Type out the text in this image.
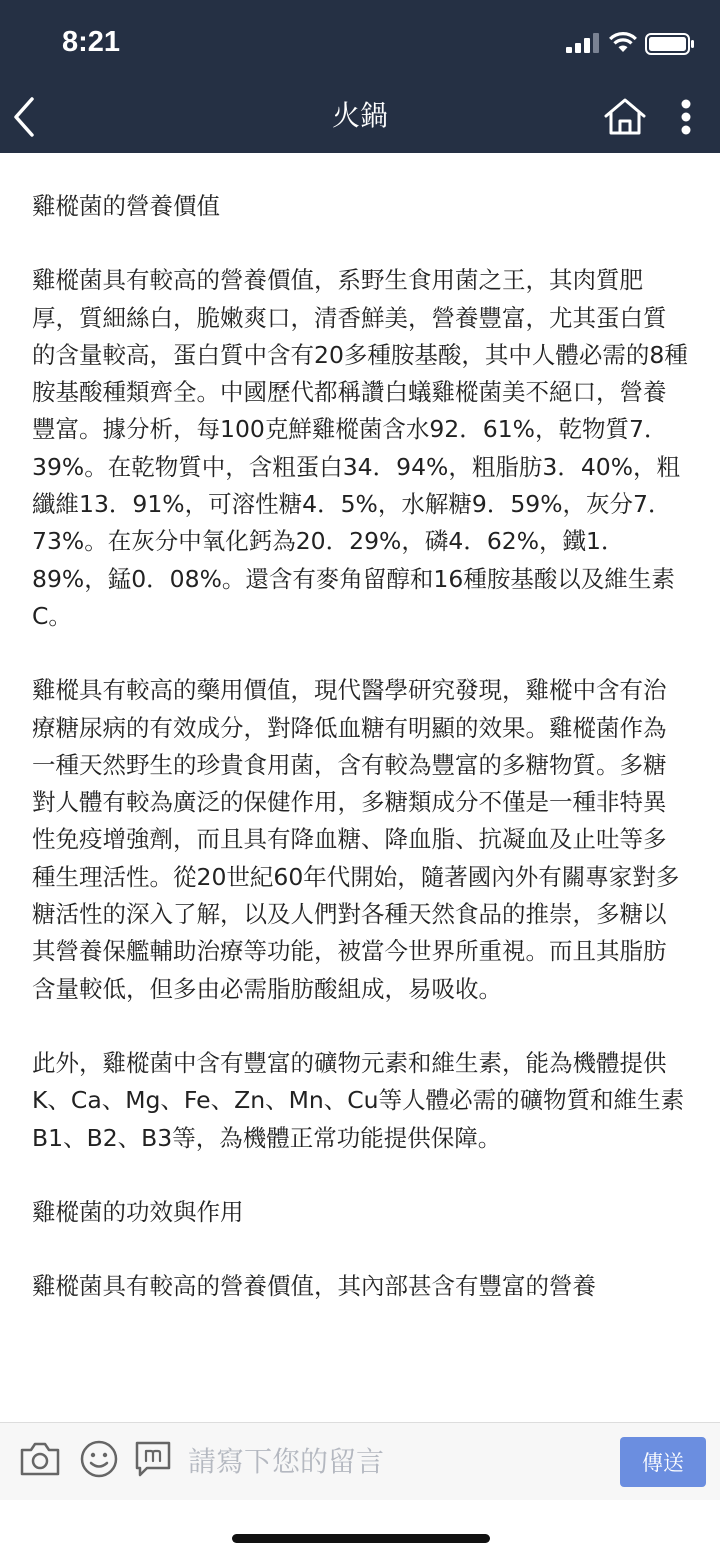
8:21
火鍋

雞樅菌的營養價值

雞樅菌具有較高的營養價值，系野生食用菌之王，其肉質肥厚，質細絲白，脆嫩爽口，清香鮮美，營養豐富，尤其蛋白質的含量較高，蛋白質中含有20多種胺基酸，其中人體必需的8種胺基酸種類齊全。中國歷代都稱讚白蟻雞樅菌美不絕口，營養豐富。據分析，每100克鮮雞樅菌含水92．61%，乾物質7．39%。在乾物質中，含粗蛋白34．94%，粗脂肪3．40%，粗纖維13．91%，可溶性糖4．5%，水解糖9．59%，灰分7．73%。在灰分中氧化鈣為20．29%，磷4．62%，鐵1．89%，錳0．08%。還含有麥角留醇和16種胺基酸以及維生素C。

雞樅具有較高的藥用價值，現代醫學研究發現，雞樅中含有治療糖尿病的有效成分，對降低血糖有明顯的效果。雞樅菌作為一種天然野生的珍貴食用菌，含有較為豐富的多糖物質。多糖對人體有較為廣泛的保健作用，多糖類成分不僅是一種非特異性免疫增強劑，而且具有降血糖、降血脂、抗凝血及止吐等多種生理活性。從20世紀60年代開始，隨著國內外有關專家對多糖活性的深入了解，以及人們對各種天然食品的推崇，多糖以其營養保艦輔助治療等功能，被當今世界所重視。而且其脂肪含量較低，但多由必需脂肪酸組成，易吸收。

此外，雞樅菌中含有豐富的礦物元素和維生素，能為機體提供K、Ca、Mg、Fe、Zn、Mn、Cu等人體必需的礦物質和維生素B1、B2、B3等，為機體正常功能提供保障。

雞樅菌的功效與作用

雞樅菌具有較高的營養價值，其內部甚含有豐富的營養

請寫下您的留言
傳送
